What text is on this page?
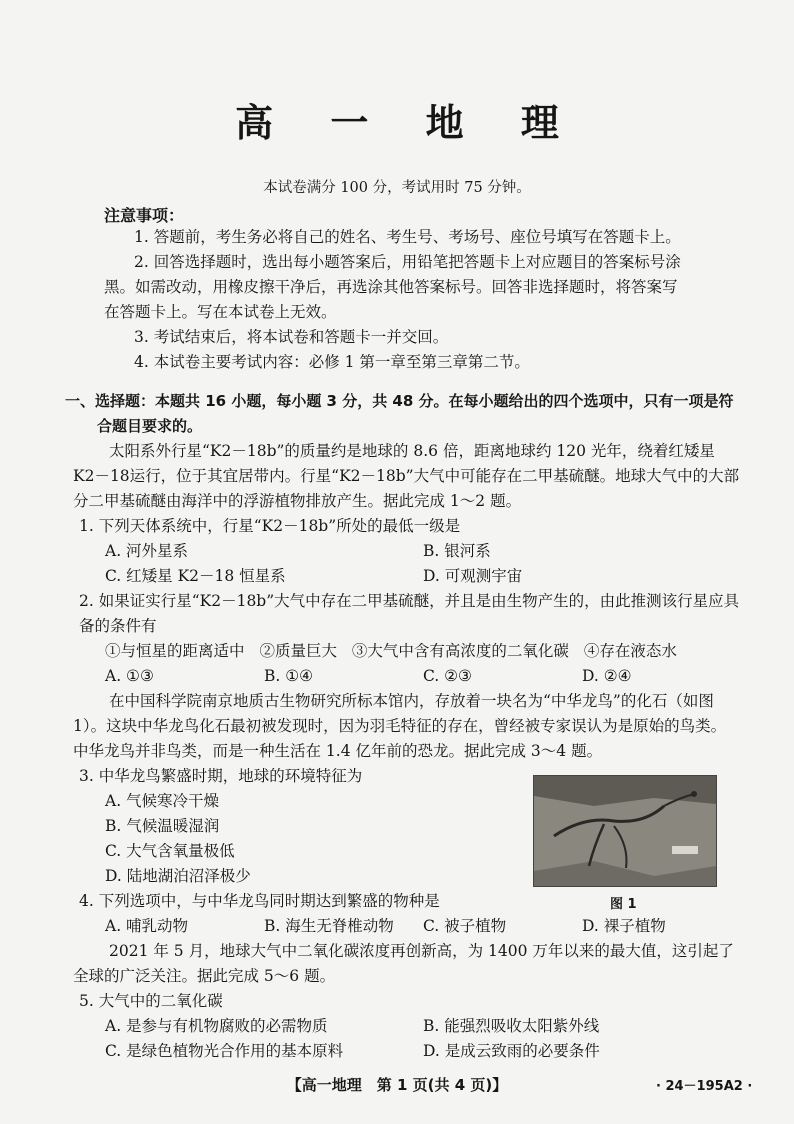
高 一 地 理
本试卷满分 100 分，考试用时 75 分钟。
注意事项：

1. 答题前，考生务必将自己的姓名、考生号、考场号、座位号填写在答题卡上。

2. 回答选择题时，选出每小题答案后，用铅笔把答题卡上对应题目的答案标号涂黑。如需改动，用橡皮擦干净后，再选涂其他答案标号。回答非选择题时，将答案写在答题卡上。写在本试卷上无效。

3. 考试结束后，将本试卷和答题卡一并交回。

4. 本试卷主要考试内容：必修 1 第一章至第三章第二节。

一、选择题：本题共 16 小题，每小题 3 分，共 48 分。在每小题给出的四个选项中，只有一项是符
合题目要求的。

太阳系外行星“K2－18b”的质量约是地球的 8.6 倍，距离地球约 120 光年，绕着红矮星 K2－18运行，位于其宜居带内。行星“K2－18b”大气中可能存在二甲基硫醚。地球大气中的大部分二甲基硫醚由海洋中的浮游植物排放产生。据此完成 1～2 题。

1. 下列天体系统中，行星“K2－18b”所处的最低一级是

A. 河外星系	B. 银河系
C. 红矮星 K2－18 恒星系	D. 可观测宇宙

2. 如果证实行星“K2－18b”大气中存在二甲基硫醚，并且是由生物产生的，由此推测该行星应具备的条件有

①与恒星的距离适中 ②质量巨大 ③大气中含有高浓度的二氧化碳 ④存在液态水

A. ①③	B. ①④	C. ②③	D. ②④

在中国科学院南京地质古生物研究所标本馆内，存放着一块名为“中华龙鸟”的化石（如图1）。这块中华龙鸟化石最初被发现时，因为羽毛特征的存在，曾经被专家误认为是原始的鸟类。中华龙鸟并非鸟类，而是一种生活在 1.4 亿年前的恐龙。据此完成 3～4 题。

3. 中华龙鸟繁盛时期，地球的环境特征为

A. 气候寒冷干燥

B. 气候温暖湿润

C. 大气含氧量极低

D. 陆地湖泊沼泽极少

4. 下列选项中，与中华龙鸟同时期达到繁盛的物种是

A. 哺乳动物	B. 海生无脊椎动物	C. 被子植物	D. 裸子植物

2021 年 5 月，地球大气中二氧化碳浓度再创新高，为 1400 万年以来的最大值，这引起了全球的广泛关注。据此完成 5～6 题。

5. 大气中的二氧化碳

A. 是参与有机物腐败的必需物质	B. 能强烈吸收太阳紫外线
C. 是绿色植物光合作用的基本原料	D. 是成云致雨的必要条件
图 1
【高一地理　第 1 页(共 4 页)】	· 24－195A2 ·
